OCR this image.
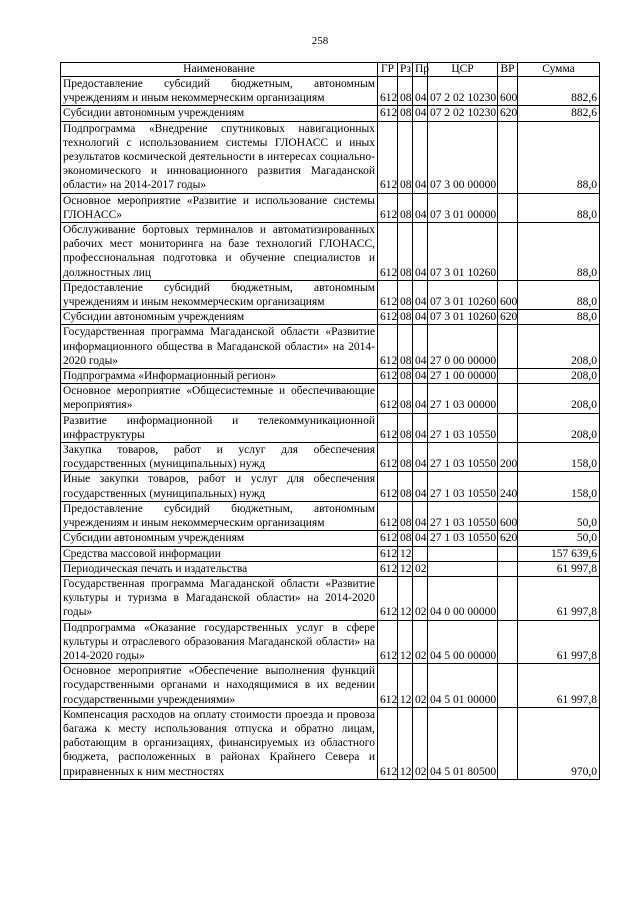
258
Наименование	ГР	Рз	Пр	ЦСР	ВР	Сумма
Предоставление субсидий бюджетным, автономным учреждениям и иным некоммерческим организациям	612	08	04	07 2 02 10230	600	882,6
Субсидии автономным учреждениям	612	08	04	07 2 02 10230	620	882,6
Подпрограмма «Внедрение спутниковых навигационных технологий с использованием системы ГЛОНАСС и иных результатов космической деятельности в интересах социально-экономического и инновационного развития Магаданской области» на 2014-2017 годы»	612	08	04	07 3 00 00000		88,0
Основное мероприятие «Развитие и использование системы ГЛОНАСС»	612	08	04	07 3 01 00000		88,0
Обслуживание бортовых терминалов и автоматизированных рабочих мест мониторинга на базе технологий ГЛОНАСС, профессиональная подготовка и обучение специалистов и должностных лиц	612	08	04	07 3 01 10260		88,0
Предоставление субсидий бюджетным, автономным учреждениям и иным некоммерческим организациям	612	08	04	07 3 01 10260	600	88,0
Субсидии автономным учреждениям	612	08	04	07 3 01 10260	620	88,0
Государственная программа Магаданской области «Развитие информационного общества в Магаданской области» на 2014-2020 годы»	612	08	04	27 0 00 00000		208,0
Подпрограмма «Информационный регион»	612	08	04	27 1 00 00000		208,0
Основное мероприятие «Общесистемные и обеспечивающие мероприятия»	612	08	04	27 1 03 00000		208,0
Развитие информационной и телекоммуникационной инфраструктуры	612	08	04	27 1 03 10550		208,0
Закупка товаров, работ и услуг для обеспечения государственных (муниципальных) нужд	612	08	04	27 1 03 10550	200	158,0
Иные закупки товаров, работ и услуг для обеспечения государственных (муниципальных) нужд	612	08	04	27 1 03 10550	240	158,0
Предоставление субсидий бюджетным, автономным учреждениям и иным некоммерческим организациям	612	08	04	27 1 03 10550	600	50,0
Субсидии автономным учреждениям	612	08	04	27 1 03 10550	620	50,0
Средства массовой информации	612	12				157 639,6
Периодическая печать и издательства	612	12	02			61 997,8
Государственная программа Магаданской области «Развитие культуры и туризма в Магаданской области» на 2014-2020 годы»	612	12	02	04 0 00 00000		61 997,8
Подпрограмма «Оказание государственных услуг в сфере культуры и отраслевого образования Магаданской области» на 2014-2020 годы»	612	12	02	04 5 00 00000		61 997,8
Основное мероприятие «Обеспечение выполнения функций государственными органами и находящимися в их ведении государственными учреждениями»	612	12	02	04 5 01 00000		61 997,8
Компенсация расходов на оплату стоимости проезда и провоза багажа к месту использования отпуска и обратно лицам, работающим в организациях, финансируемых из областного бюджета, расположенных в районах Крайнего Севера и приравненных к ним местностях	612	12	02	04 5 01 80500		970,0
